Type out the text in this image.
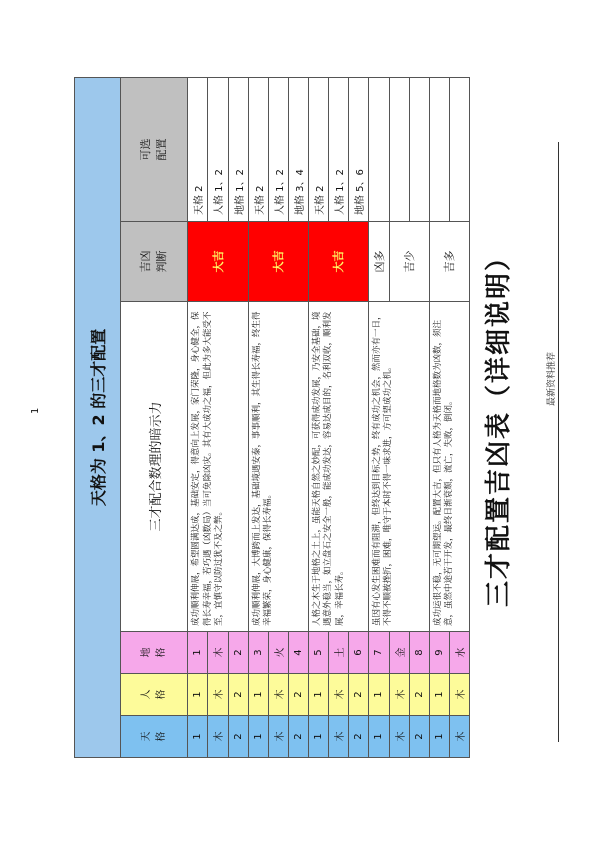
最新资料推荐
三才配置吉凶表（详细说明）
天格为 1、2 的三才配置					

天 格	人 格	地 格	三才配合数理的暗示力	吉凶 判断	可选 配置

1	1	1	成功顺利伸展，希望圆满达成，基础安定，得意向上发展，家门荣隆，身心健全，保得长寿幸福，若巧遇（凶数局）当可免除凶灾。其有大成功之福，但此为多大能受不至，宜慎守以防过犹不及之弊。	大吉	天格 2
木	木	木			人格 1、2
2	2	2			地格 1、2
1	1	3	成功顺利伸展，大博跨而上发达，基础境遇安泰，事事顺利，其生得长寿福，终生得幸福繁荣，身心健康，保得长寿福。	大吉	天格 2
木	木	火			人格 1、2
2	2	4			地格 3、4
1	1	5	人格之木生于地格之土上，虽能天格自然之妙配，可获得成功发展，乃安全基础，境遇意外稳当，如立盘石之安全一般，能成功发达，容易达成目的，名利双收，顺利发展，幸福长寿。	大吉	天格 2
木	木	土			人格 1、2
2	2	6			地格 5、6
1	1	7	虽因有心发生困难而有阻滞，但终达到目标之势，终有成功之机会，然而亦有一日，不得不顺被挫折，困难，唯守于本时不得一味求进，方可望成功之机。	凶多	
木	木	金		吉少	
2	2	8			
1	1	9	成功运很不稳，无可期望运。配置大吉，但只有人格为天格而地格数为凶数，须注意，虽然中途若干开发，最终日渐衰颓，流亡，失败，倒闭。	吉多	
木	木	水			
1
